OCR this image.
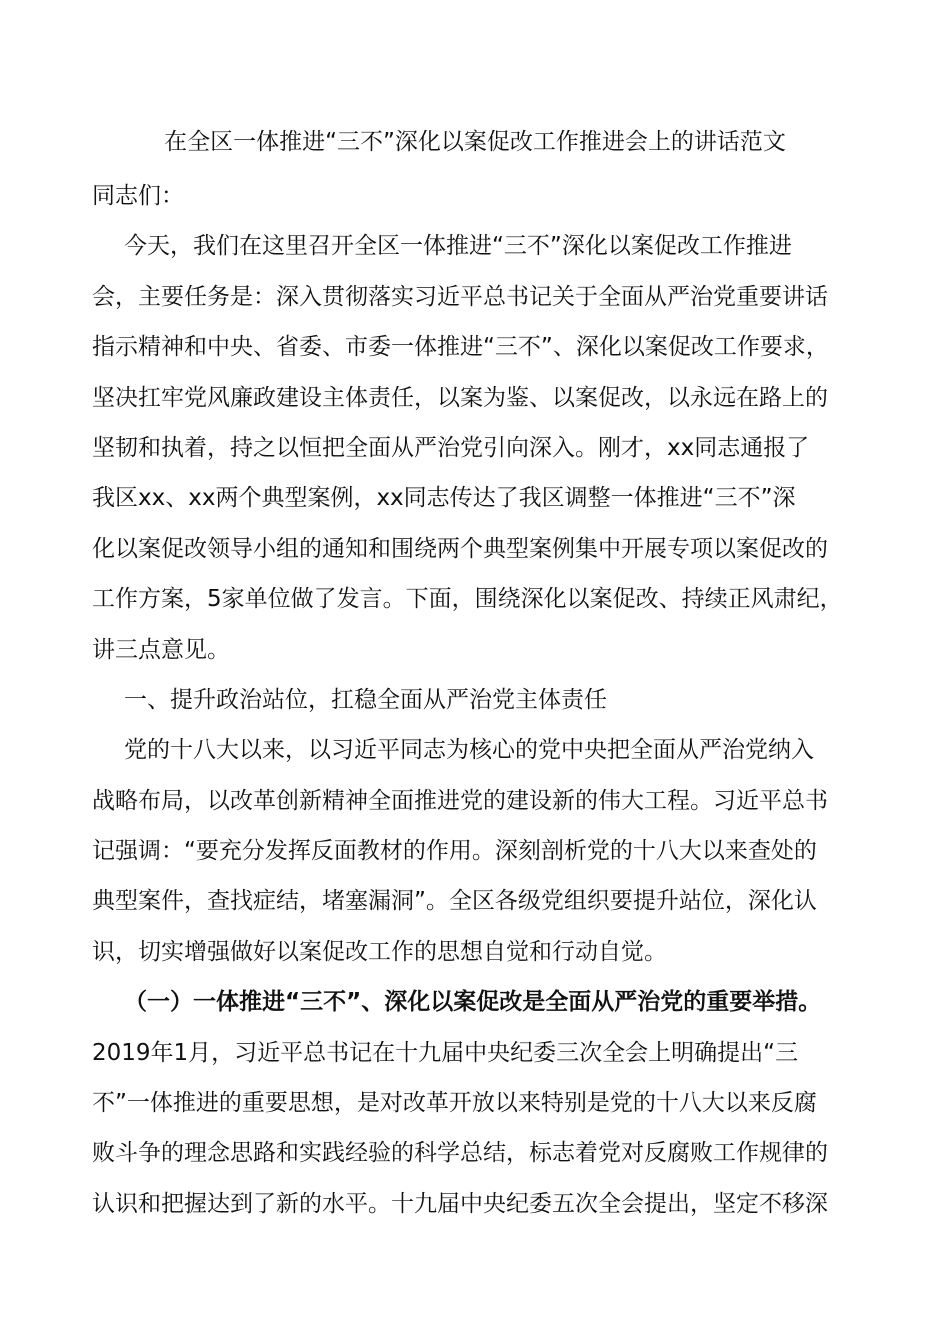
在全区一体推进“三不”深化以案促改工作推进会上的讲话范文
同志们：
今天，我们在这里召开全区一体推进“三不”深化以案促改工作推进
会，主要任务是：深入贯彻落实习近平总书记关于全面从严治党重要讲话
指示精神和中央、省委、市委一体推进“三不”、深化以案促改工作要求，
坚决扛牢党风廉政建设主体责任，以案为鉴、以案促改，以永远在路上的
坚韧和执着，持之以恒把全面从严治党引向深入。刚才，xx同志通报了
我区xx、xx两个典型案例，xx同志传达了我区调整一体推进“三不”深
化以案促改领导小组的通知和围绕两个典型案例集中开展专项以案促改的
工作方案，5家单位做了发言。下面，围绕深化以案促改、持续正风肃纪，
讲三点意见。
一、提升政治站位，扛稳全面从严治党主体责任
党的十八大以来，以习近平同志为核心的党中央把全面从严治党纳入
战略布局，以改革创新精神全面推进党的建设新的伟大工程。习近平总书
记强调：“要充分发挥反面教材的作用。深刻剖析党的十八大以来查处的
典型案件，查找症结，堵塞漏洞”。全区各级党组织要提升站位，深化认
识，切实增强做好以案促改工作的思想自觉和行动自觉。
（一）一体推进“三不”、深化以案促改是全面从严治党的重要举措。
2019年1月，习近平总书记在十九届中央纪委三次全会上明确提出“三
不”一体推进的重要思想，是对改革开放以来特别是党的十八大以来反腐
败斗争的理念思路和实践经验的科学总结，标志着党对反腐败工作规律的
认识和把握达到了新的水平。十九届中央纪委五次全会提出，坚定不移深
